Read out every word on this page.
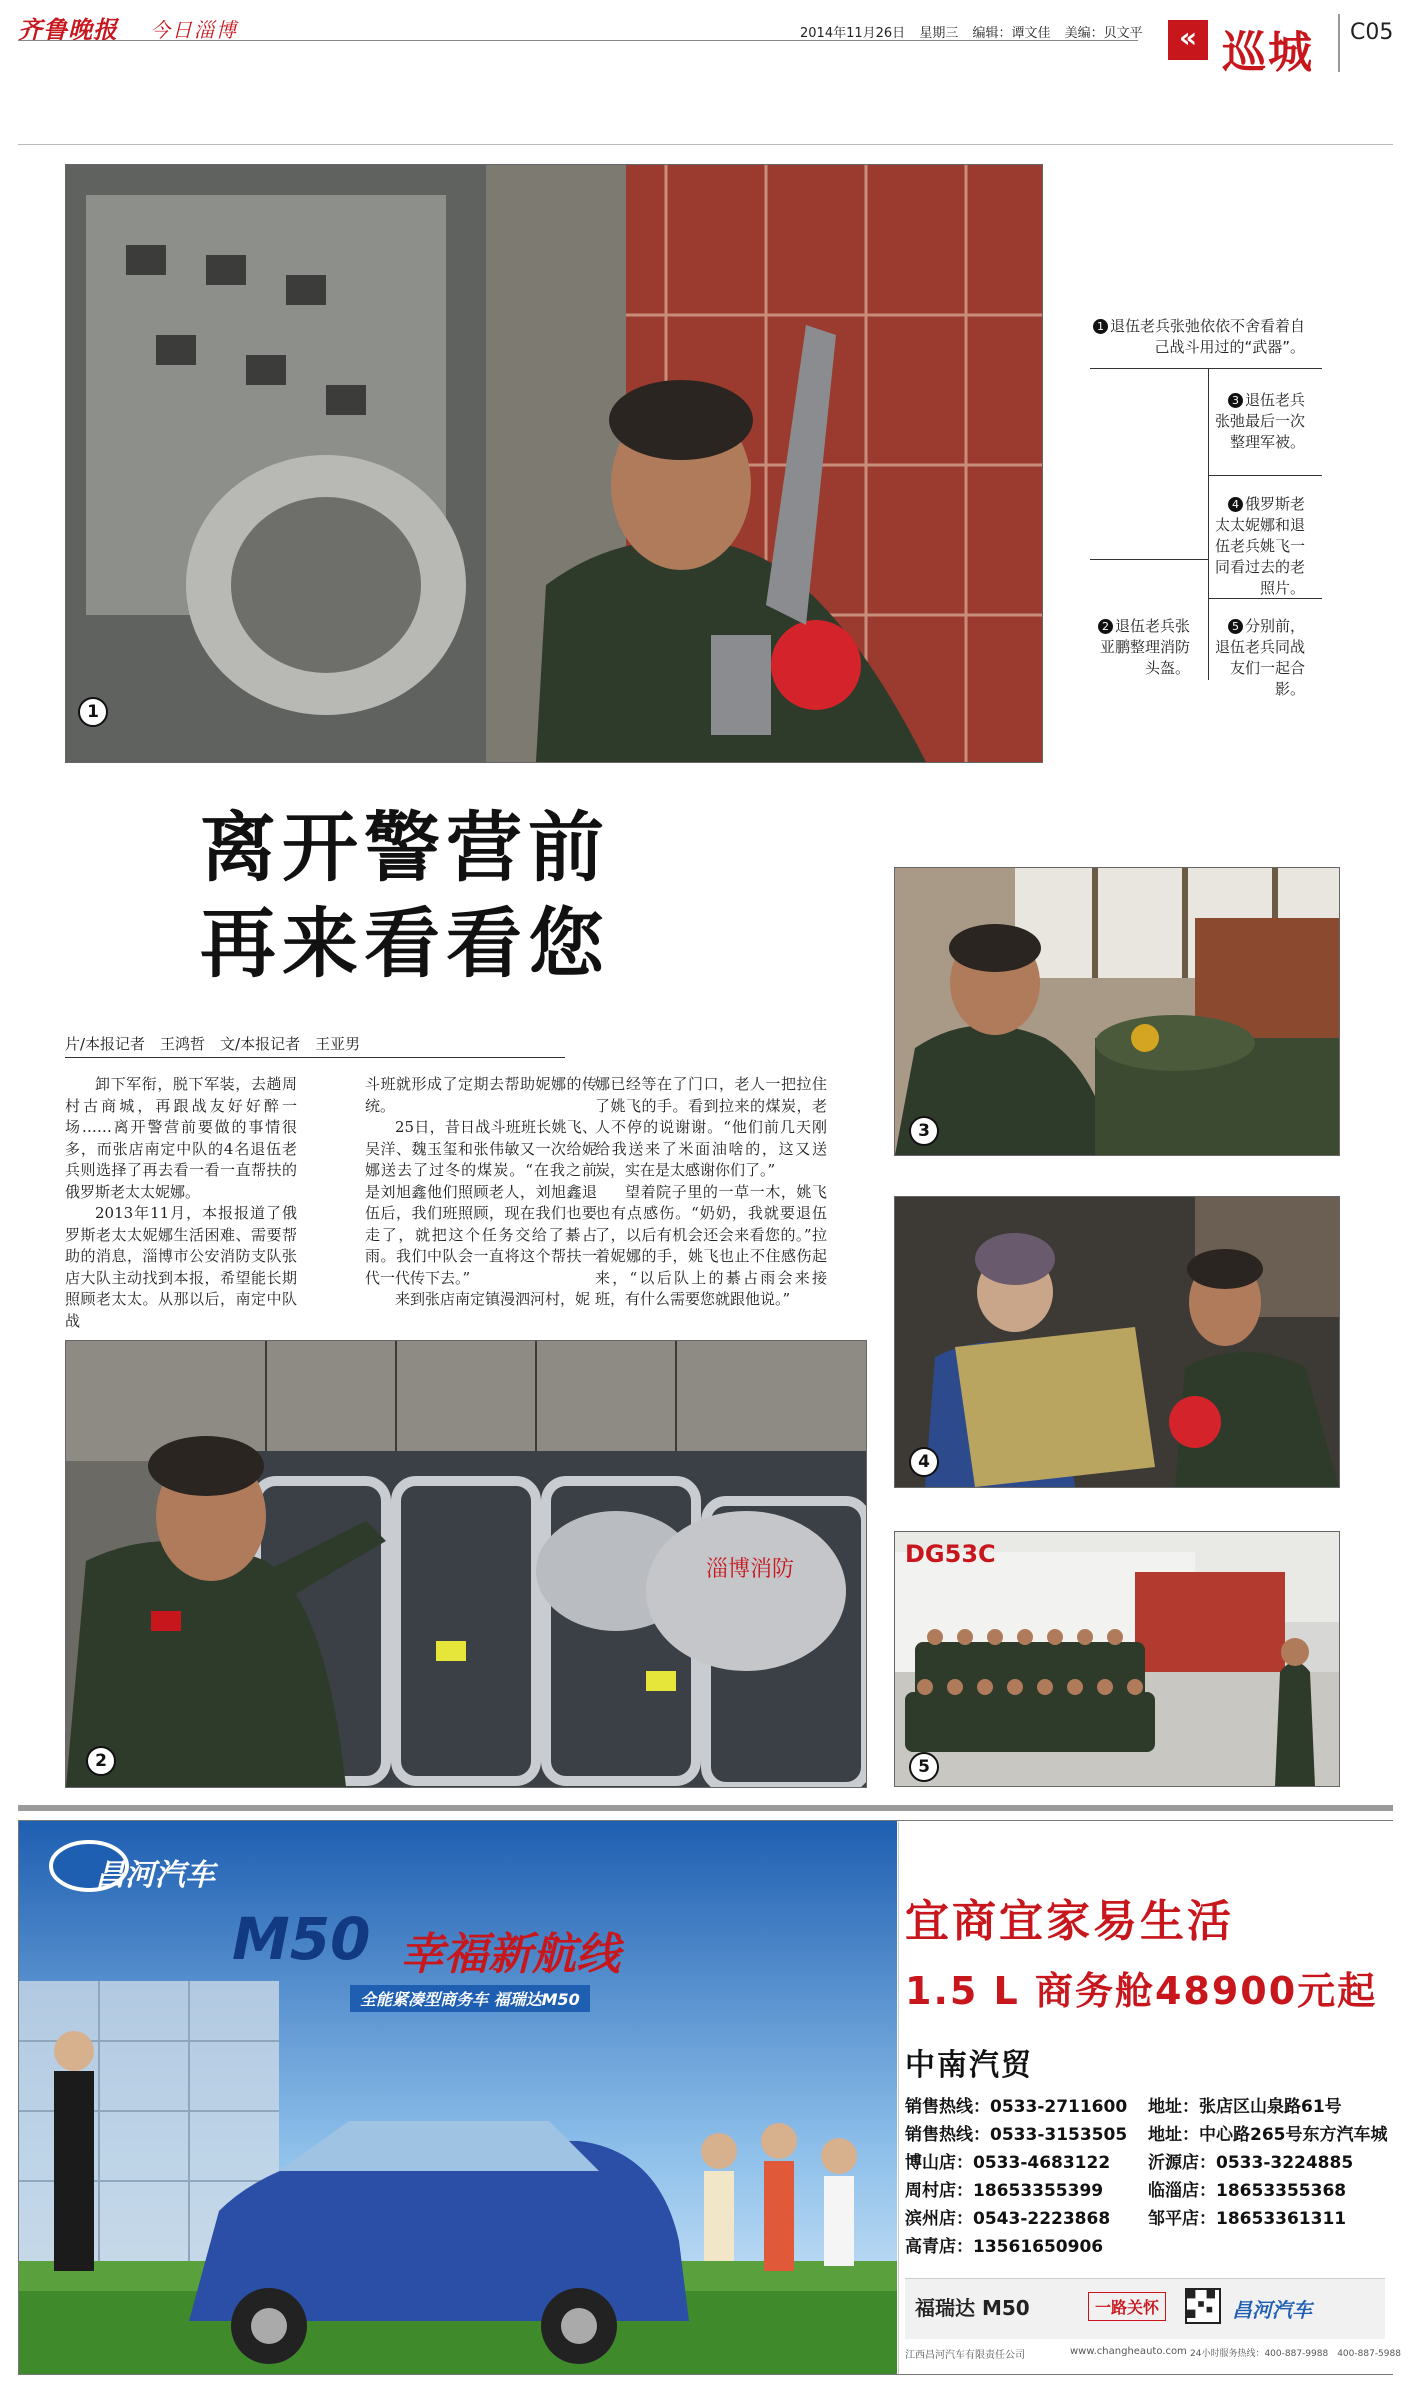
齐鲁晚报 今日淄博	2014年11月26日 星期三 编辑：谭文佳 美编：贝文平	« 巡城 C05
1
1 退伍老兵张弛依依不舍看着自己战斗用过的“武器”。
3 退伍老兵张弛最后一次整理军被。
4 俄罗斯老太太妮娜和退伍老兵姚飞一同看过去的老照片。
2 退伍老兵张亚鹏整理消防头盔。
5 分别前，退伍老兵同战友们一起合影。
离开警营前
再来看看您
3
片/本报记者　王鸿哲　文/本报记者　王亚男

卸下军衔，脱下军装，去趟周村古商城，再跟战友好好醉一场……离开警营前要做的事情很多，而张店南定中队的4名退伍老兵则选择了再去看一看一直帮扶的俄罗斯老太太妮娜。

2013年11月，本报报道了俄罗斯老太太妮娜生活困难、需要帮助的消息，淄博市公安消防支队张店大队主动找到本报，希望能长期照顾老太太。从那以后，南定中队战

斗班就形成了定期去帮助妮娜的传统。

25日，昔日战斗班班长姚飞、吴洋、魏玉玺和张伟敏又一次给妮娜送去了过冬的煤炭。“在我之前是刘旭鑫他们照顾老人，刘旭鑫退伍后，我们班照顾，现在我们也要走了，就把这个任务交给了綦占雨。我们中队会一直将这个帮扶一代一代传下去。”

来到张店南定镇漫泗河村，妮

娜已经等在了门口，老人一把拉住了姚飞的手。看到拉来的煤炭，老人不停的说谢谢。“他们前几天刚给我送来了米面油啥的，这又送炭，实在是太感谢你们了。”

望着院子里的一草一木，姚飞也有点感伤。“奶奶，我就要退伍了，以后有机会还会来看您的。”拉着妮娜的手，姚飞也止不住感伤起来，“以后队上的綦占雨会来接班，有什么需要您就跟他说。”

4
淄博消防
2
DG53C
5
昌河汽车
M50 幸福新航线
全能紧凑型商务车 福瑞达M50
宜商宜家易生活
1.5 L 商务舱48900元起
中南汽贸
销售热线：0533-2711600 地址：张店区山泉路61号
销售热线：0533-3153505 地址：中心路265号东方汽车城
博山店：0533-4683122 沂源店：0533-3224885
周村店：18653355399	临淄店：18653355368
滨州店：0543-2223868 邹平店：18653361311
高青店：13561650906
福瑞达 M50	一路关怀	昌河汽车
江西昌河汽车有限责任公司	www.changheauto.com 24小时服务热线：400-887-9988　400-887-5988
